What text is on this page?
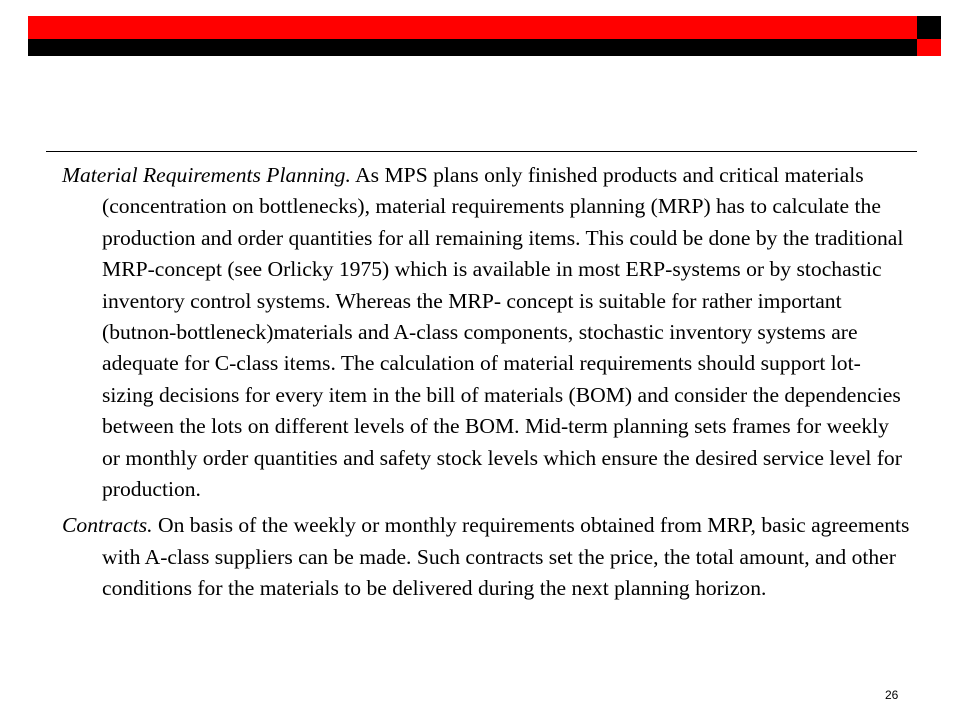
Material Requirements Planning. As MPS plans only finished products and critical materials (concentration on bottlenecks), material requirements planning (MRP) has to calculate the production and order quantities for all remaining items. This could be done by the traditional MRP-concept (see Orlicky 1975) which is available in most ERP-systems or by stochastic inventory control systems. Whereas the MRP- concept is suitable for rather important (butnon-bottleneck)materials and A-class components, stochastic inventory systems are adequate for C-class items. The calculation of material requirements should support lot-sizing decisions for every item in the bill of materials (BOM) and consider the dependencies between the lots on different levels of the BOM. Mid-term planning sets frames for weekly or monthly order quantities and safety stock levels which ensure the desired service level for production.

Contracts. On basis of the weekly or monthly requirements obtained from MRP, basic agreements with A-class suppliers can be made. Such contracts set the price, the total amount, and other conditions for the materials to be delivered during the next planning horizon.

26
